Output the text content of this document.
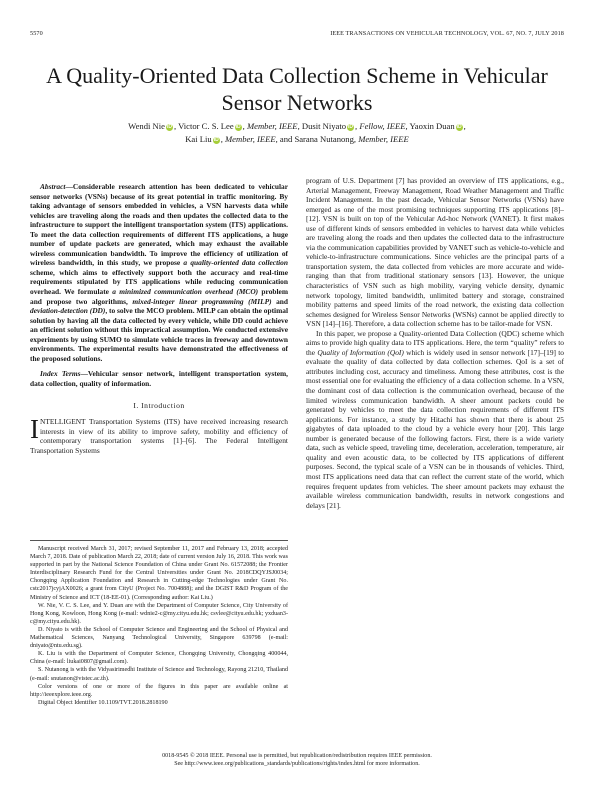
5570	IEEE TRANSACTIONS ON VEHICULAR TECHNOLOGY, VOL. 67, NO. 7, JULY 2018
A Quality-Oriented Data Collection Scheme in Vehicular Sensor Networks
Wendi Nie iD , Victor C. S. Lee iD , Member, IEEE, Dusit Niyato iD , Fellow, IEEE, Yaoxin Duan iD ,
Kai Liu iD , Member, IEEE, and Sarana Nutanong, Member, IEEE

Abstract—Considerable research attention has been dedicated to vehicular sensor networks (VSNs) because of its great potential in traffic monitoring. By taking advantage of sensors embedded in vehicles, a VSN harvests data while vehicles are traveling along the roads and then updates the collected data to the infrastructure to support the intelligent transportation system (ITS) applications. To meet the data collection requirements of different ITS applications, a huge number of update packets are generated, which may exhaust the available wireless communication bandwidth. To improve the efficiency of utilization of wireless bandwidth, in this study, we propose a quality-oriented data collection scheme, which aims to effectively support both the accuracy and real-time requirements stipulated by ITS applications while reducing communication overhead. We formulate a minimized communication overhead (MCO) problem and propose two algorithms, mixed-integer linear programming (MILP) and deviation-detection (DD), to solve the MCO problem. MILP can obtain the optimal solution by having all the data collected by every vehicle, while DD could achieve an efficient solution without this impractical assumption. We conducted extensive experiments by using SUMO to simulate vehicle traces in freeway and downtown environments. The experimental results have demonstrated the effectiveness of the proposed solutions.

Index Terms—Vehicular sensor network, intelligent transportation system, data collection, quality of information.

I. Introduction

INTELLIGENT Transportation Systems (ITS) have received increasing research interests in view of its ability to improve safety, mobility and efficiency of contemporary transportation systems [1]–[6]. The Federal Intelligent Transportation Systems

Manuscript received March 31, 2017; revised September 11, 2017 and February 13, 2018; accepted March 7, 2018. Date of publication March 22, 2018; date of current version July 16, 2018. This work was supported in part by the National Science Foundation of China under Grant No. 61572088; the Frontier Interdisciplinary Research Fund for the Central Universities under Grant No. 2018CDQYJSJ0034; Chongqing Application Foundation and Research in Cutting-edge Technologies under Grant No. cstc2017jcyjAX0026; a grant from CityU (Project No. 7004888); and the DGIST R&D Program of the Ministry of Science and ICT (18-EE-01). (Corresponding author: Kai Liu.)

W. Nie, V. C. S. Lee, and Y. Duan are with the Department of Computer Science, City University of Hong Kong, Kowloon, Hong Kong (e-mail: wdnie2-c@my.cityu.edu.hk; csvlee@cityu.edu.hk; yxduan3-c@my.cityu.edu.hk).

D. Niyato is with the School of Computer Science and Engineering and the School of Physical and Mathematical Sciences, Nanyang Technological University, Singapore 639798 (e-mail: dniyato@ntu.edu.sg).

K. Liu is with the Department of Computer Science, Chongqing University, Chongqing 400044, China (e-mail: liukai0807@gmail.com).

S. Nutanong is with the Vidyasirimedhi Institute of Science and Technology, Rayong 21210, Thailand (e-mail: snutanon@vistec.ac.th).

Color versions of one or more of the figures in this paper are available online at http://ieeexplore.ieee.org.

Digital Object Identifier 10.1109/TVT.2018.2818190

program of U.S. Department [7] has provided an overview of ITS applications, e.g., Arterial Management, Freeway Management, Road Weather Management and Traffic Incident Management. In the past decade, Vehicular Sensor Networks (VSNs) have emerged as one of the most promising techniques supporting ITS applications [8]–[12]. VSN is built on top of the Vehicular Ad-hoc Network (VANET). It first makes use of different kinds of sensors embedded in vehicles to harvest data while vehicles are traveling along the roads and then updates the collected data to the infrastructure via the communication capabilities provided by VANET such as vehicle-to-vehicle and vehicle-to-infrastructure communications. Since vehicles are the principal parts of a transportation system, the data collected from vehicles are more accurate and wide-ranging than that from traditional stationary sensors [13]. However, the unique characteristics of VSN such as high mobility, varying vehicle density, dynamic network topology, limited bandwidth, unlimited battery and storage, constrained mobility patterns and speed limits of the road network, the existing data collection schemes designed for Wireless Sensor Networks (WSNs) cannot be applied directly to VSN [14]–[16]. Therefore, a data collection scheme has to be tailor-made for VSN.

In this paper, we propose a Quality-oriented Data Collection (QDC) scheme which aims to provide high quality data to ITS applications. Here, the term “quality” refers to the Quality of Information (QoI) which is widely used in sensor network [17]–[19] to evaluate the quality of data collected by data collection schemes. QoI is a set of attributes including cost, accuracy and timeliness. Among these attributes, cost is the most essential one for evaluating the efficiency of a data collection scheme. In a VSN, the dominant cost of data collection is the communication overhead, because of the limited wireless communication bandwidth. A sheer amount packets could be generated by vehicles to meet the data collection requirements of different ITS applications. For instance, a study by Hitachi has shown that there is about 25 gigabytes of data uploaded to the cloud by a vehicle every hour [20]. This large number is generated because of the following factors. First, there is a wide variety data, such as vehicle speed, traveling time, deceleration, acceleration, temperature, air quality and even acoustic data, to be collected by ITS applications of different purposes. Second, the typical scale of a VSN can be in thousands of vehicles. Third, most ITS applications need data that can reflect the current state of the world, which requires frequent updates from vehicles. The sheer amount packets may exhaust the available wireless communication bandwidth, results in network congestions and delays [21].

0018-9545 © 2018 IEEE. Personal use is permitted, but republication/redistribution requires IEEE permission.
See http://www.ieee.org/publications_standards/publications/rights/index.html for more information.
